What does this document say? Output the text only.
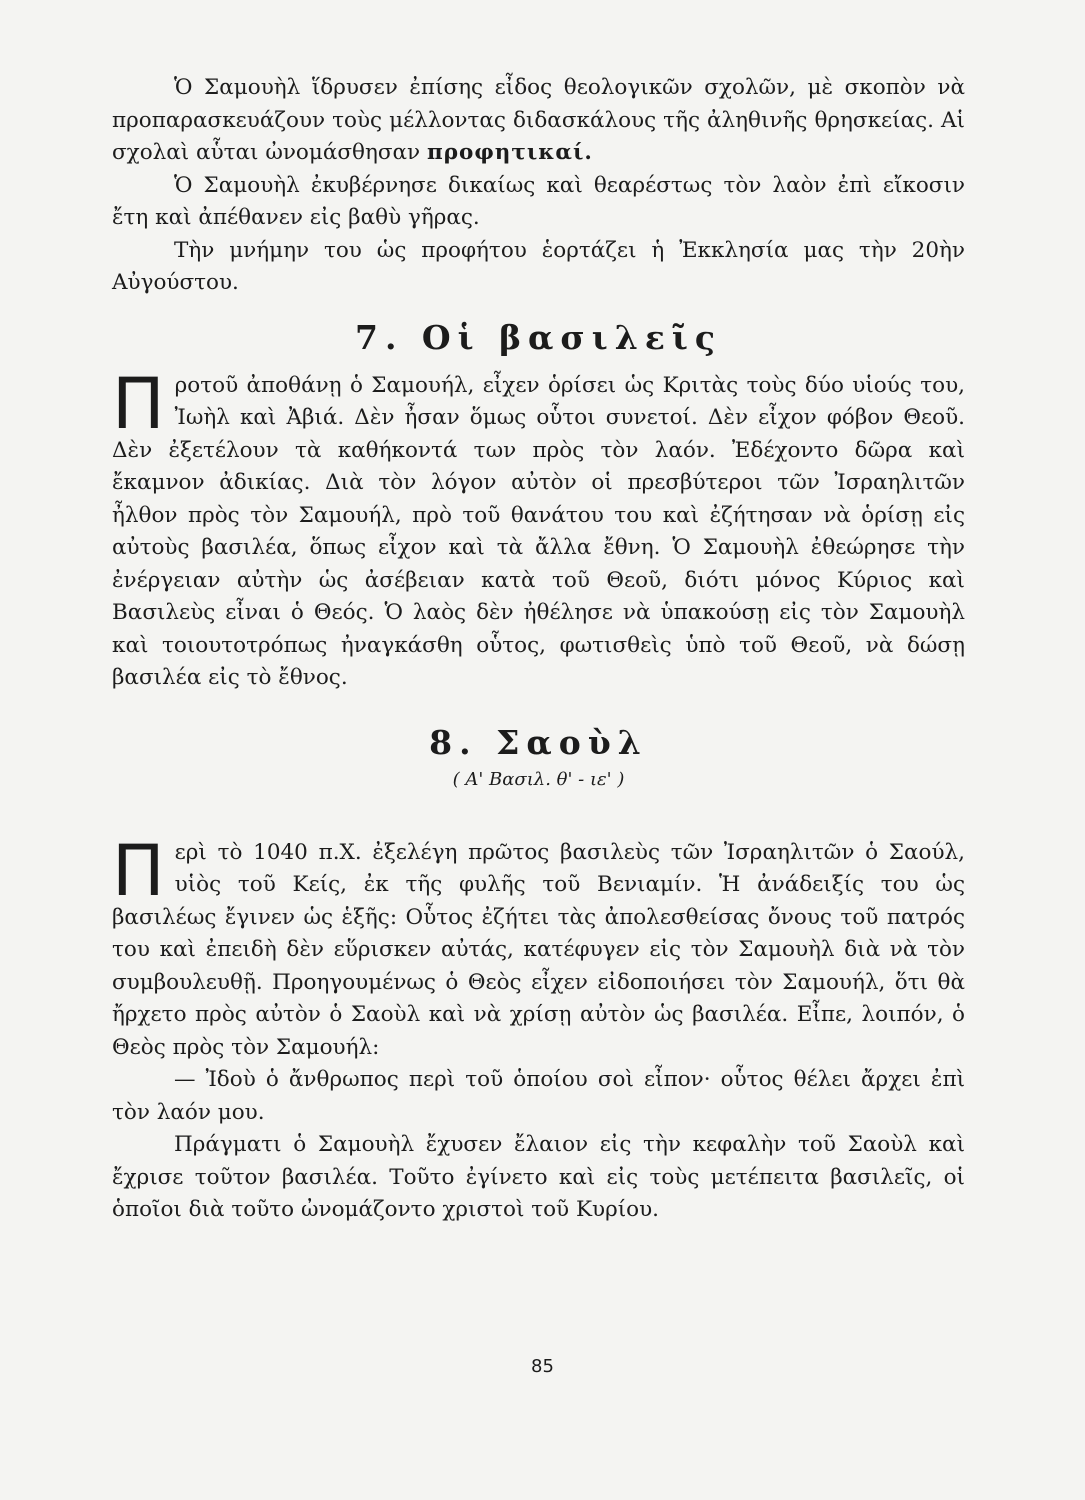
Ὁ Σαμουὴλ ἵδρυσεν ἐπίσης εἶδος θεολογικῶν σχολῶν, μὲ σκοπὸν νὰ προπαρασκευάζουν τοὺς μέλλοντας διδασκάλους τῆς ἀληθινῆς θρησκείας. Αἱ σχολαὶ αὗται ὠνομάσθησαν προφητικαί.

Ὁ Σαμουὴλ ἐκυβέρνησε δικαίως καὶ θεαρέστως τὸν λαὸν ἐπὶ εἴκοσιν ἔτη καὶ ἀπέθανεν εἰς βαθὺ γῆρας.

Τὴν μνήμην του ὡς προφήτου ἑορτάζει ἡ Ἐκκλησία μας τὴν 20ὴν Αὐγούστου.

7. Οἱ βασιλεῖς

Προτοῦ ἀποθάνῃ ὁ Σαμουήλ, εἶχεν ὁρίσει ὡς Κριτὰς τοὺς δύο υἱούς του, Ἰωὴλ καὶ Ἀβιά. Δὲν ἦσαν ὅμως οὗτοι συνετοί. Δὲν εἶχον φόβον Θεοῦ. Δὲν ἐξετέλουν τὰ καθήκοντά των πρὸς τὸν λαόν. Ἐδέχοντο δῶρα καὶ ἔκαμνον ἀδικίας. Διὰ τὸν λόγον αὐτὸν οἱ πρεσβύτεροι τῶν Ἰσραηλιτῶν ἦλθον πρὸς τὸν Σαμουήλ, πρὸ τοῦ θανάτου του καὶ ἐζήτησαν νὰ ὁρίσῃ εἰς αὐτοὺς βασιλέα, ὅπως εἶχον καὶ τὰ ἄλλα ἔθνη. Ὁ Σαμουὴλ ἐθεώρησε τὴν ἐνέργειαν αὐτὴν ὡς ἀσέβειαν κατὰ τοῦ Θεοῦ, διότι μόνος Κύριος καὶ Βασιλεὺς εἶναι ὁ Θεός. Ὁ λαὸς δὲν ἠθέλησε νὰ ὑπακούσῃ εἰς τὸν Σαμουὴλ καὶ τοιουτοτρόπως ἠναγκάσθη οὗτος, φωτισθεὶς ὑπὸ τοῦ Θεοῦ, νὰ δώσῃ βασιλέα εἰς τὸ ἔθνος.

8. Σαοὺλ
( Α' Βασιλ. θ' - ιε' )

Περὶ τὸ 1040 π.Χ. ἐξελέγη πρῶτος βασιλεὺς τῶν Ἰσραηλιτῶν ὁ Σαούλ, υἱὸς τοῦ Κείς, ἐκ τῆς φυλῆς τοῦ Βενιαμίν. Ἡ ἀνάδειξίς του ὡς βασιλέως ἔγινεν ὡς ἑξῆς: Οὗτος ἐζήτει τὰς ἀπολεσθείσας ὄνους τοῦ πατρός του καὶ ἐπειδὴ δὲν εὕρισκεν αὐτάς, κατέφυγεν εἰς τὸν Σαμουὴλ διὰ νὰ τὸν συμβουλευθῇ. Προηγουμένως ὁ Θεὸς εἶχεν εἰδοποιήσει τὸν Σαμουήλ, ὅτι θὰ ἤρχετο πρὸς αὐτὸν ὁ Σαοὺλ καὶ νὰ χρίσῃ αὐτὸν ὡς βασιλέα. Εἶπε, λοιπόν, ὁ Θεὸς πρὸς τὸν Σαμουήλ:

— Ἰδοὺ ὁ ἄνθρωπος περὶ τοῦ ὁποίου σοὶ εἶπον· οὗτος θέλει ἄρχει ἐπὶ τὸν λαόν μου.

Πράγματι ὁ Σαμουὴλ ἔχυσεν ἔλαιον εἰς τὴν κεφαλὴν τοῦ Σαοὺλ καὶ ἔχρισε τοῦτον βασιλέα. Τοῦτο ἐγίνετο καὶ εἰς τοὺς μετέπειτα βασιλεῖς, οἱ ὁποῖοι διὰ τοῦτο ὠνομάζοντο χριστοὶ τοῦ Κυρίου.

85
